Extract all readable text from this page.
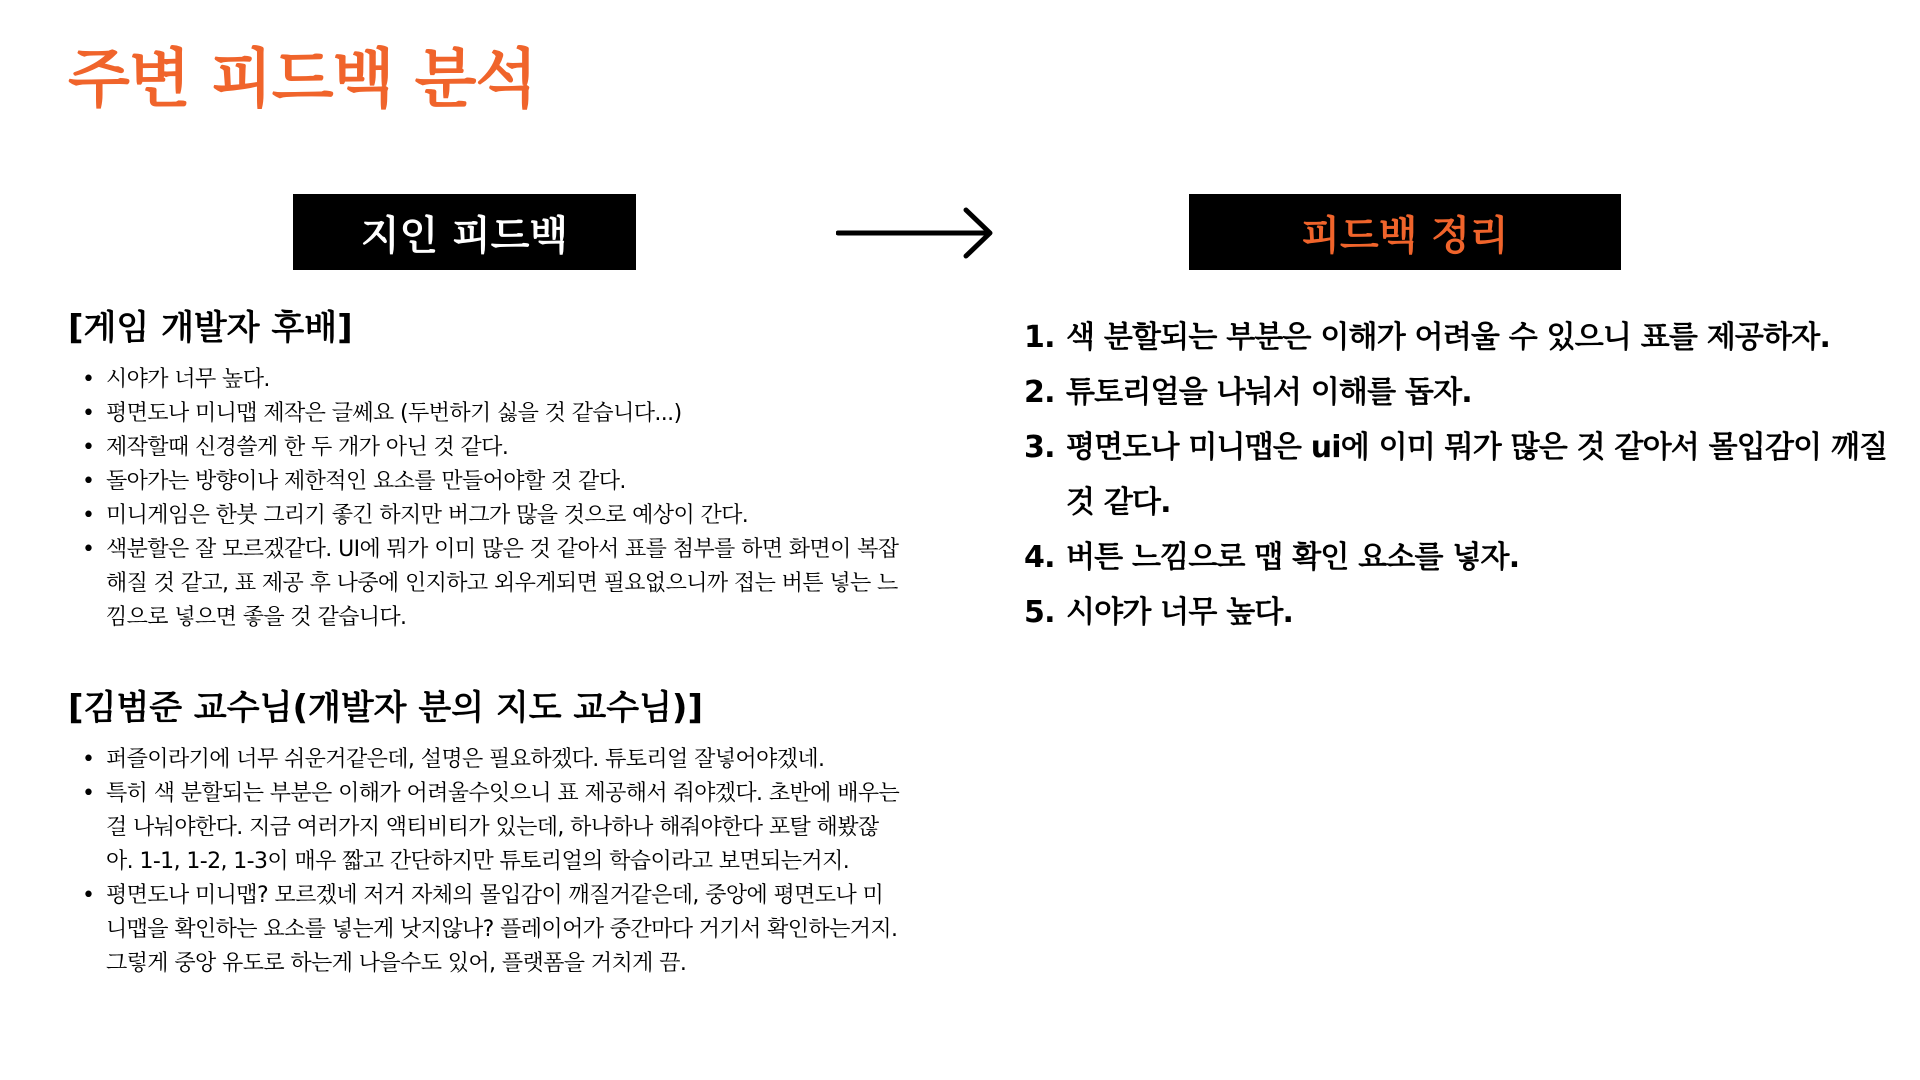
주변 피드백 분석
지인 피드백	피드백 정리
[게임 개발자 후배]
• 시야가 너무 높다.
• 평면도나 미니맵 제작은 글쎄요 (두번하기 싫을 것 같습니다...)
• 제작할때 신경쓸게 한 두 개가 아닌 것 같다.
• 돌아가는 방향이나 제한적인 요소를 만들어야할 것 같다.
• 미니게임은 한붓 그리기 좋긴 하지만 버그가 많을 것으로 예상이 간다.
• 색분할은 잘 모르겠같다. UI에 뭐가 이미 많은 것 같아서 표를 첨부를 하면 화면이 복잡해질 것 같고, 표 제공 후 나중에 인지하고 외우게되면 필요없으니까 접는 버튼 넣는 느낌으로 넣으면 좋을 것 같습니다.
[김범준 교수님(개발자 분의 지도 교수님)]
• 퍼즐이라기에 너무 쉬운거같은데, 설명은 필요하겠다. 튜토리얼 잘넣어야겠네.
• 특히 색 분할되는 부분은 이해가 어려울수잇으니 표 제공해서 줘야겠다. 초반에 배우는걸 나눠야한다. 지금 여러가지 액티비티가 있는데, 하나하나 해줘야한다 포탈 해봤잖아. 1-1, 1-2, 1-3이 매우 짧고 간단하지만 튜토리얼의 학습이라고 보면되는거지.
• 평면도나 미니맵? 모르겠네 저거 자체의 몰입감이 깨질거같은데, 중앙에 평면도나 미니맵을 확인하는 요소를 넣는게 낫지않나? 플레이어가 중간마다 거기서 확인하는거지. 그렇게 중앙 유도로 하는게 나을수도 있어, 플랫폼을 거치게 끔.
1. 색 분할되는 부분은 이해가 어려울 수 있으니 표를 제공하자.
2. 튜토리얼을 나눠서 이해를 돕자.
3. 평면도나 미니맵은 ui에 이미 뭐가 많은 것 같아서 몰입감이 깨질 것 같다.
4. 버튼 느낌으로 맵 확인 요소를 넣자.
5. 시야가 너무 높다.
